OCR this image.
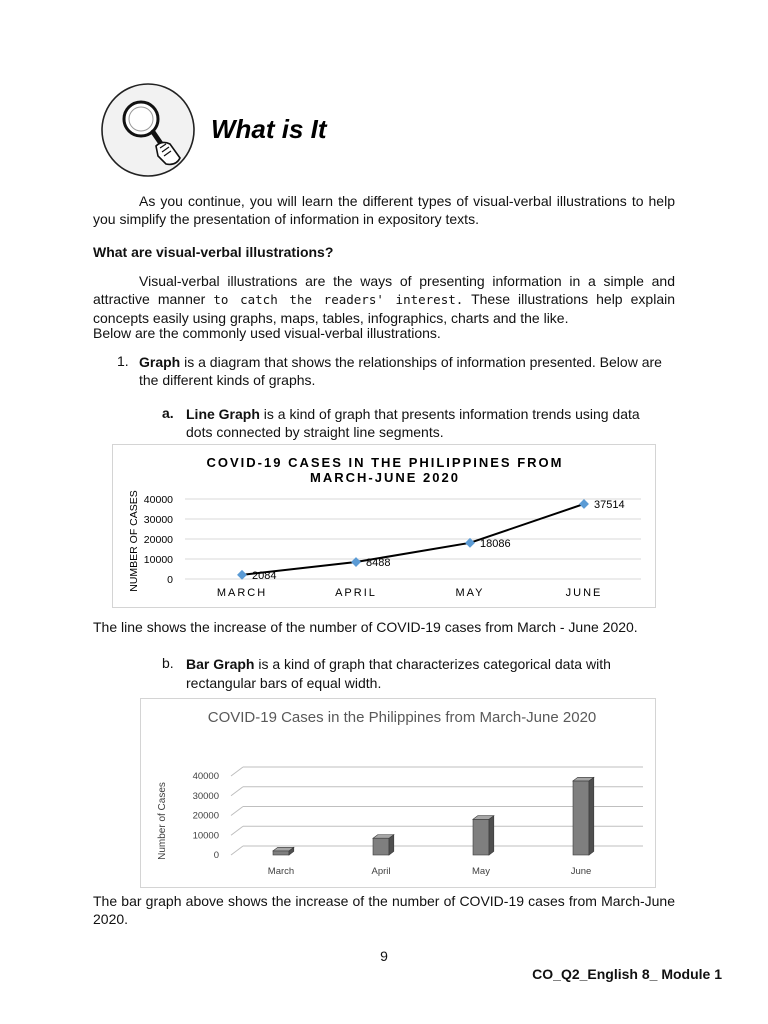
What is It
As you continue, you will learn the different types of visual-verbal illustrations to help you simplify the presentation of information in expository texts.
What are visual-verbal illustrations?
Visual-verbal illustrations are the ways of presenting information in a simple and attractive manner to catch the readers' interest. These illustrations help explain concepts easily using graphs, maps, tables, infographics, charts and the like.
Below are the commonly used visual-verbal illustrations.
1. Graph is a diagram that shows the relationships of information presented. Below are the different kinds of graphs.
a. Line Graph is a kind of graph that presents information trends using data dots connected by straight line segments.
COVID-19 CASES IN THE PHILIPPINES FROM
MARCH-JUNE 2020
NUMBER OF CASES	0
10000
20000
30000
40000
MARCH	APRIL	MAY	JUNE
2084
8488
18086
37514
The line shows the increase of the number of COVID-19 cases from March - June 2020.
b. Bar Graph is a kind of graph that characterizes categorical data with rectangular bars of equal width.
COVID-19 Cases in the Philippines from March-June 2020
Number of Cases	0
10000
20000
30000
40000
March	April	May	June
The bar graph above shows the increase of the number of COVID-19 cases from March-June 2020.
9
CO_Q2_English 8_ Module 1
